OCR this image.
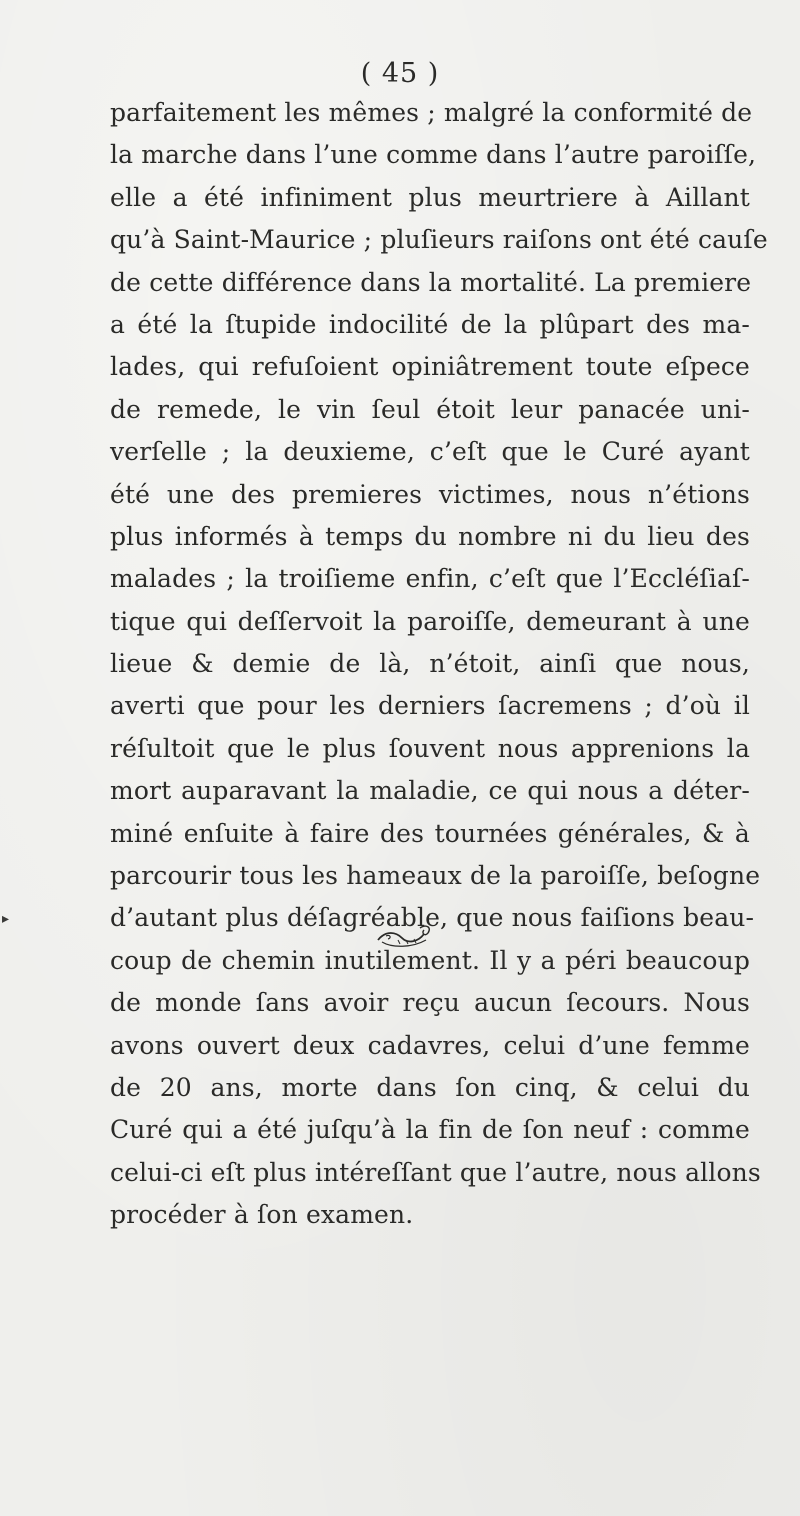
( 45 )
parfaitement les mêmes ; malgré la conformité de
la marche dans l’une comme dans l’autre paroiſſe,
elle a été infiniment plus meurtriere à Aillant
qu’à Saint-Maurice ; pluſieurs raiſons ont été cauſe
de cette différence dans la mortalité. La premiere
a été la ſtupide indocilité de la plûpart des ma-
lades, qui refuſoient opiniâtrement toute eſpece
de remede, le vin ſeul étoit leur panacée uni-
verſelle ; la deuxieme, c’eſt que le Curé ayant
été une des premieres victimes, nous n’étions
plus informés à temps du nombre ni du lieu des
malades ; la troiſieme enfin, c’eſt que l’Eccléſiaſ-
tique qui deſſervoit la paroiſſe, demeurant à une
lieue & demie de là, n’étoit, ainſi que nous,
averti que pour les derniers ſacremens ; d’où il
réſultoit que le plus ſouvent nous apprenions la
mort auparavant la maladie, ce qui nous a déter-
miné enſuite à faire des tournées générales, & à
parcourir tous les hameaux de la paroiſſe, beſogne
d’autant plus déſagréable, que nous faiſions beau-
coup de chemin inutilement. Il y a péri beaucoup
de monde ſans avoir reçu aucun ſecours. Nous
avons ouvert deux cadavres, celui d’une femme
de 20 ans, morte dans ſon cinq, & celui du
Curé qui a été juſqu’à la fin de ſon neuf : comme
celui-ci eſt plus intéreſſant que l’autre, nous allons
procéder à ſon examen.
▸
